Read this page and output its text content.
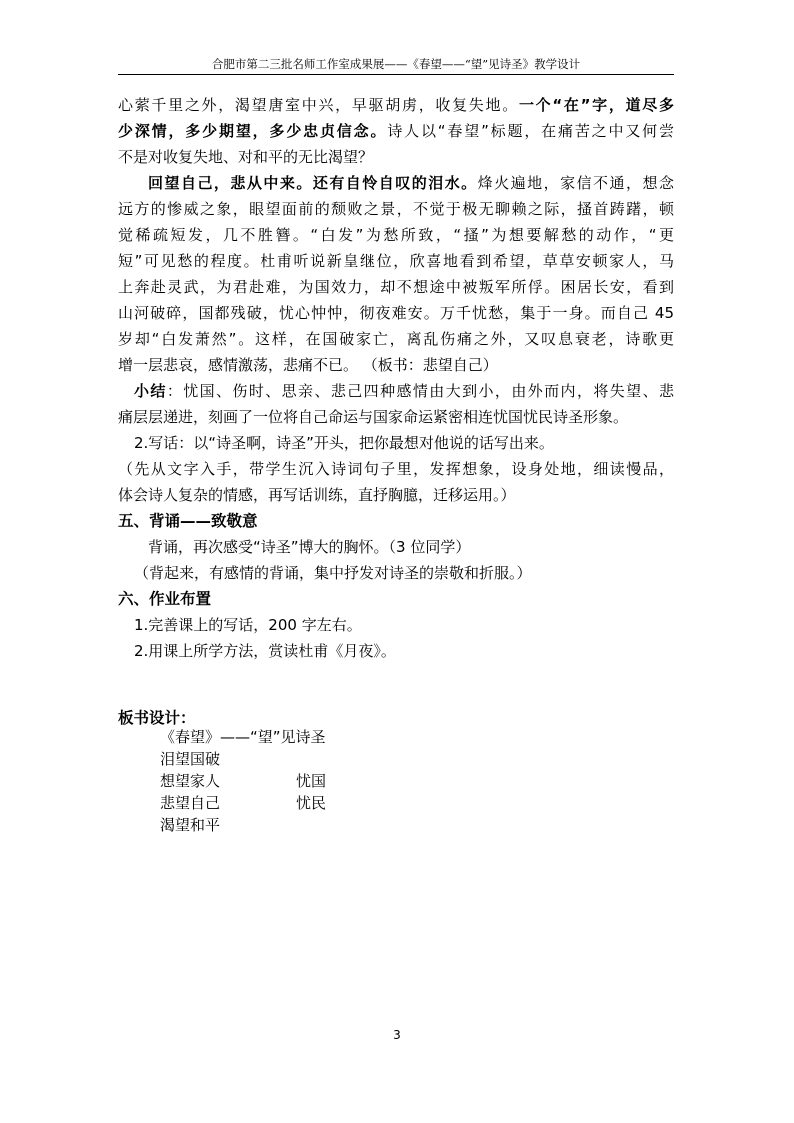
合肥市第二三批名师工作室成果展——《春望——“望”见诗圣》教学设计
心萦千里之外，渴望唐室中兴，早驱胡虏，收复失地。一个“在”字，道尽多
少深情，多少期望，多少忠贞信念。诗人以“春望”标题，在痛苦之中又何尝
不是对收复失地、对和平的无比渴望？
回望自己，悲从中来。还有自怜自叹的泪水。烽火遍地，家信不通，想念
远方的惨威之象，眼望面前的颓败之景，不觉于极无聊赖之际，搔首踌躇，顿
觉稀疏短发，几不胜簪。“白发”为愁所致，“搔”为想要解愁的动作，“更
短”可见愁的程度。杜甫听说新皇继位，欣喜地看到希望，草草安顿家人，马
上奔赴灵武，为君赴难，为国效力，却不想途中被叛军所俘。困居长安，看到
山河破碎，国都残破，忧心忡忡，彻夜难安。万千忧愁，集于一身。而自己 45
岁却“白发萧然”。这样，在国破家亡，离乱伤痛之外，又叹息衰老，诗歌更
增一层悲哀，感情激荡，悲痛不已。 （板书：悲望自己）
小结：忧国、伤时、思亲、悲己四种感情由大到小，由外而内，将失望、悲
痛层层递进，刻画了一位将自己命运与国家命运紧密相连忧国忧民诗圣形象。
2.写话：以“诗圣啊，诗圣”开头，把你最想对他说的话写出来。
（先从文字入手，带学生沉入诗词句子里，发挥想象，设身处地，细读慢品，
体会诗人复杂的情感，再写话训练，直抒胸臆，迁移运用。）
五、背诵——致敬意
背诵，再次感受“诗圣”博大的胸怀。（3 位同学）
（背起来，有感情的背诵，集中抒发对诗圣的崇敬和折服。）
六、作业布置
1.完善课上的写话，200 字左右。
2.用课上所学方法，赏读杜甫《月夜》。
板书设计：
《春望》——“望”见诗圣
泪望国破
想望家人	忧国
悲望自己	忧民
渴望和平
3
